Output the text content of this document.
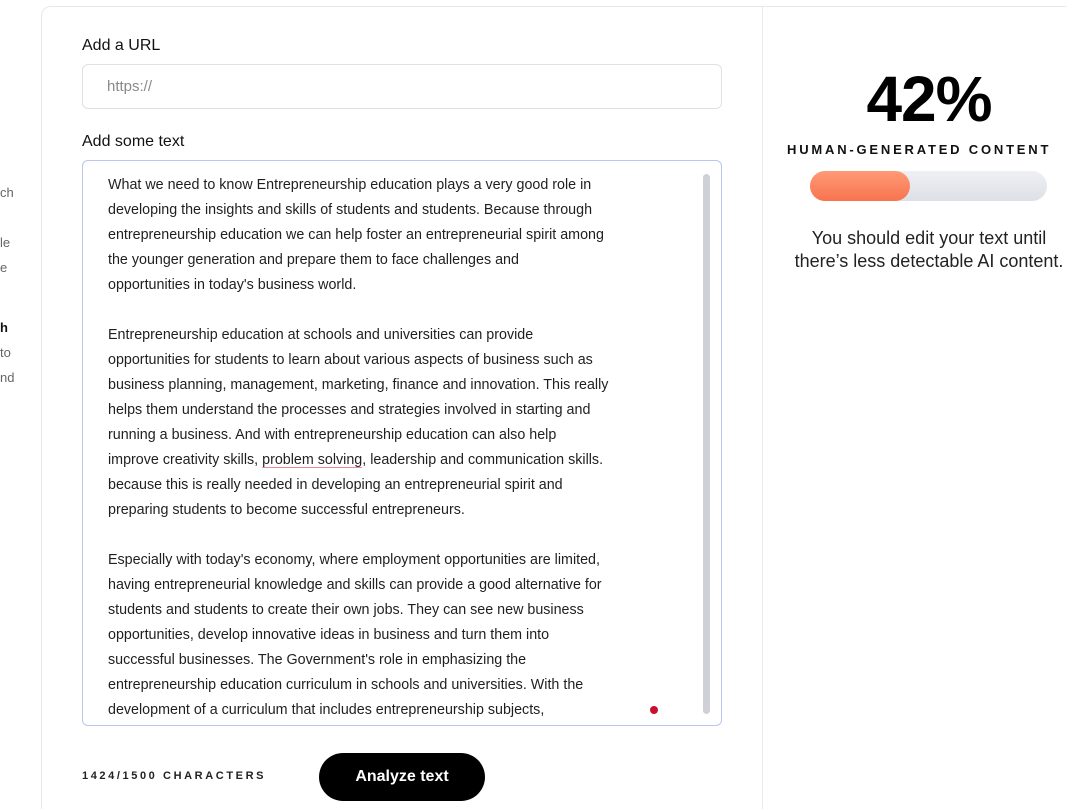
ch
le
e
h
to
nd
Add a URL
https://
Add some text

What we need to know Entrepreneurship education plays a very good role in
developing the insights and skills of students and students. Because through
entrepreneurship education we can help foster an entrepreneurial spirit among
the younger generation and prepare them to face challenges and
opportunities in today's business world.

Entrepreneurship education at schools and universities can provide
opportunities for students to learn about various aspects of business such as
business planning, management, marketing, finance and innovation. This really
helps them understand the processes and strategies involved in starting and
running a business. And with entrepreneurship education can also help
improve creativity skills, problem solving, leadership and communication skills.
because this is really needed in developing an entrepreneurial spirit and
preparing students to become successful entrepreneurs.

Especially with today's economy, where employment opportunities are limited,
having entrepreneurial knowledge and skills can provide a good alternative for
students and students to create their own jobs. They can see new business
opportunities, develop innovative ideas in business and turn them into
successful businesses. The Government's role in emphasizing the
entrepreneurship education curriculum in schools and universities. With the
development of a curriculum that includes entrepreneurship subjects,

1424/1500 CHARACTERS	Analyze text
42%
HUMAN-GENERATED CONTENT
You should edit your text until there’s less detectable AI content.
